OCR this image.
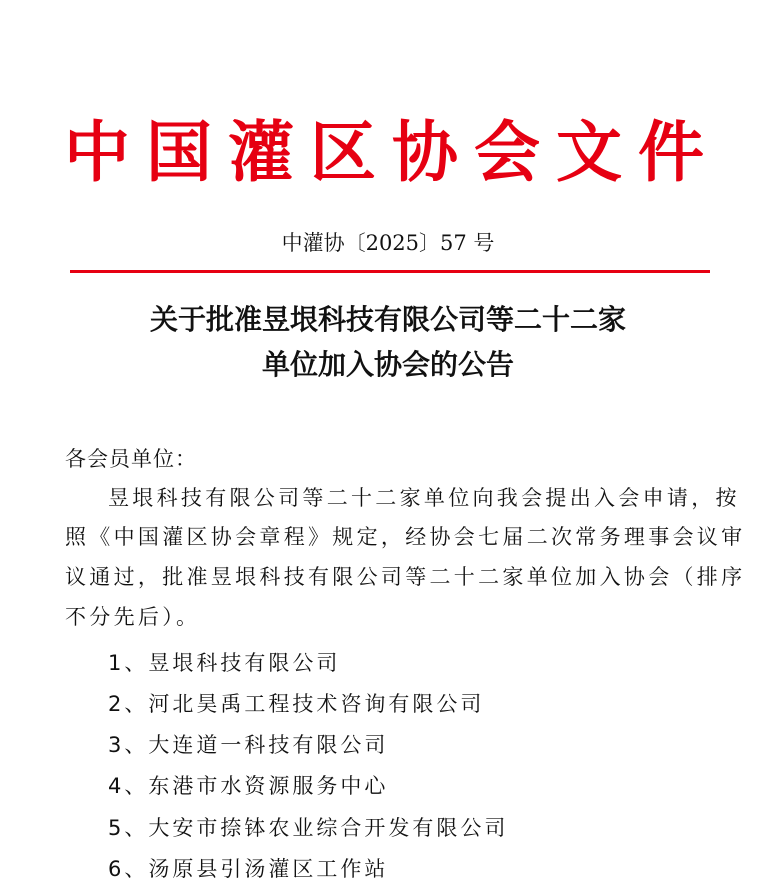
中国灌区协会文件
中灌协〔2025〕57 号
关于批准昱垠科技有限公司等二十二家
单位加入协会的公告
各会员单位：
昱垠科技有限公司等二十二家单位向我会提出入会申请，按
照《中国灌区协会章程》规定，经协会七届二次常务理事会议审
议通过，批准昱垠科技有限公司等二十二家单位加入协会（排序
不分先后）。
1、昱垠科技有限公司
2、河北昊禹工程技术咨询有限公司
3、大连道一科技有限公司
4、东港市水资源服务中心
5、大安市捺钵农业综合开发有限公司
6、汤原县引汤灌区工作站
